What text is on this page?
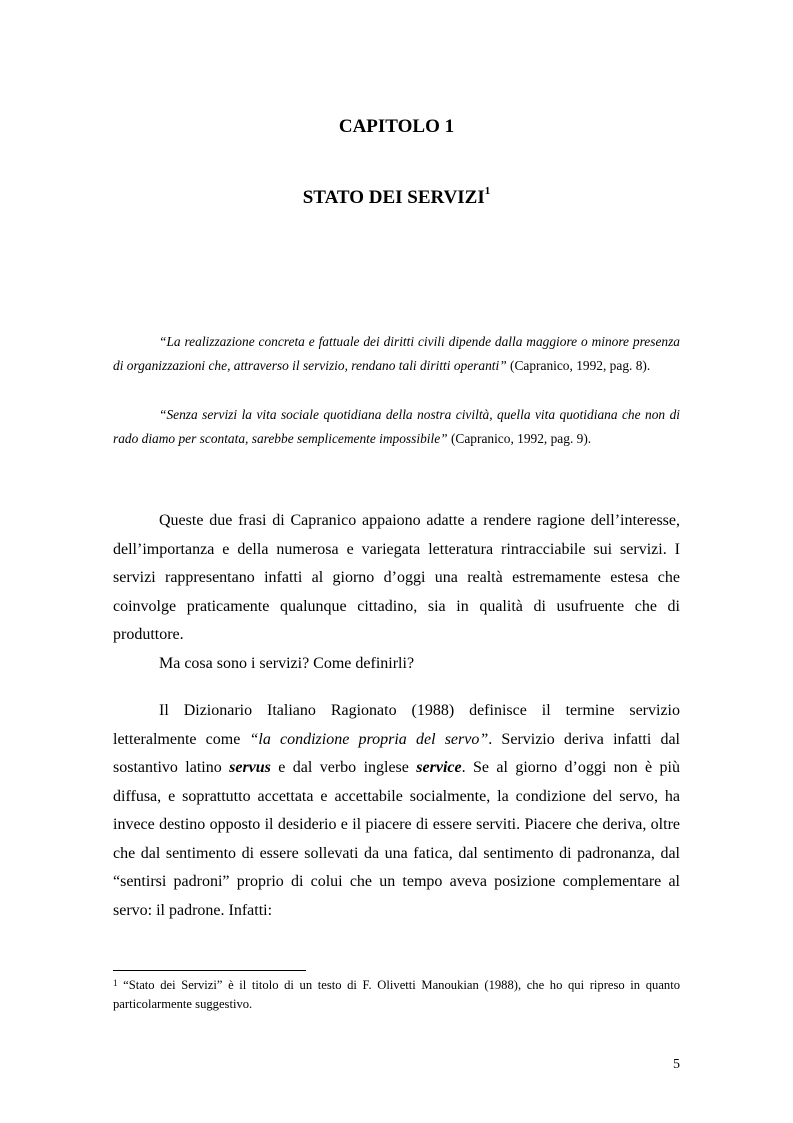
CAPITOLO 1
STATO DEI SERVIZI$^1$
“La realizzazione concreta e fattuale dei diritti civili dipende dalla maggiore o minore presenza di organizzazioni che, attraverso il servizio, rendano tali diritti operanti” (Capranico, 1992, pag. 8).
“Senza servizi la vita sociale quotidiana della nostra civiltà, quella vita quotidiana che non di rado diamo per scontata, sarebbe semplicemente impossibile” (Capranico, 1992, pag. 9).

Queste due frasi di Capranico appaiono adatte a rendere ragione dell’interesse, dell’importanza e della numerosa e variegata letteratura rintracciabile sui servizi. I servizi rappresentano infatti al giorno d’oggi una realtà estremamente estesa che coinvolge praticamente qualunque cittadino, sia in qualità di usufruente che di produttore.

Ma cosa sono i servizi? Come definirli?

Il Dizionario Italiano Ragionato (1988) definisce il termine servizio letteralmente come “la condizione propria del servo”. Servizio deriva infatti dal sostantivo latino servus e dal verbo inglese service. Se al giorno d’oggi non è più diffusa, e soprattutto accettata e accettabile socialmente, la condizione del servo, ha invece destino opposto il desiderio e il piacere di essere serviti. Piacere che deriva, oltre che dal sentimento di essere sollevati da una fatica, dal sentimento di padronanza, dal “sentirsi padroni” proprio di colui che un tempo aveva posizione complementare al servo: il padrone. Infatti:

$^1$ “Stato dei Servizi” è il titolo di un testo di F. Olivetti Manoukian (1988), che ho qui ripreso in quanto particolarmente suggestivo.
5
